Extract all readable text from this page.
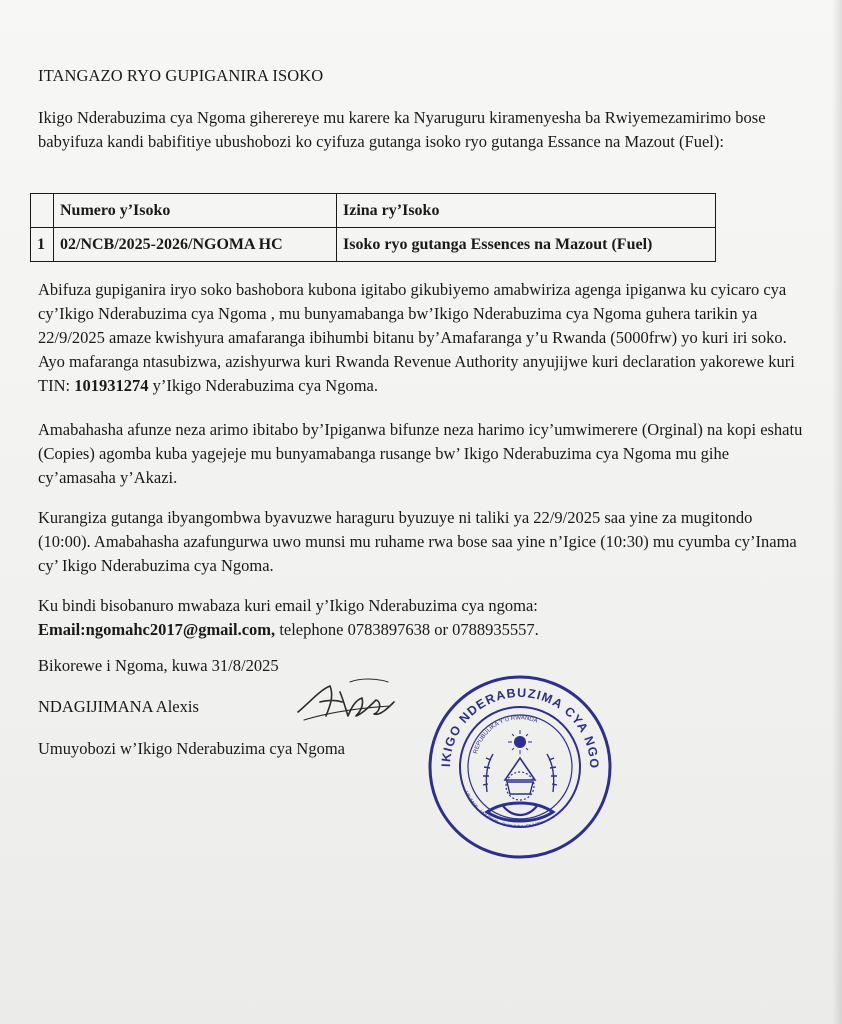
ITANGAZO RYO GUPIGANIRA ISOKO
Ikigo Nderabuzima cya Ngoma giherereye mu karere ka Nyaruguru kiramenyesha ba Rwiyemezamirimo bose babyifuza kandi babifitiye ubushobozi ko cyifuza gutanga isoko ryo gutanga Essance na Mazout (Fuel):
	Numero y’Isoko	Izina ry’Isoko
1	02/NCB/2025-2026/NGOMA HC	Isoko ryo gutanga Essences na Mazout (Fuel)
Abifuza gupiganira iryo soko bashobora kubona igitabo gikubiyemo amabwiriza agenga ipiganwa ku cyicaro cya cy’Ikigo Nderabuzima cya Ngoma , mu bunyamabanga bw’Ikigo Nderabuzima cya Ngoma guhera tarikin ya 22/9/2025 amaze kwishyura amafaranga ibihumbi bitanu by’Amafaranga y’u Rwanda (5000frw) yo kuri iri soko. Ayo mafaranga ntasubizwa, azishyurwa kuri Rwanda Revenue Authority anyujijwe kuri declaration yakorewe kuri TIN: 101931274 y’Ikigo Nderabuzima cya Ngoma.
Amabahasha afunze neza arimo ibitabo by’Ipiganwa bifunze neza harimo icy’umwimerere (Orginal) na kopi eshatu (Copies) agomba kuba yagejeje mu bunyamabanga rusange bw’ Ikigo Nderabuzima cya Ngoma mu gihe cy’amasaha y’Akazi.
Kurangiza gutanga ibyangombwa byavuzwe haraguru byuzuye ni taliki ya 22/9/2025 saa yine za mugitondo (10:00). Amabahasha azafungurwa uwo munsi mu ruhame rwa bose saa yine n’Igice (10:30) mu cyumba cy’Inama cy’ Ikigo Nderabuzima cya Ngoma.
Ku bindi bisobanuro mwabaza kuri email y’Ikigo Nderabuzima cya ngoma:
Email:ngomahc2017@gmail.com, telephone 0783897638 or 0788935557.
Bikorewe i Ngoma, kuwa 31/8/2025
NDAGIJIMANA Alexis
Umuyobozi w’Ikigo Nderabuzima cya Ngoma
IKIGO NDERABUZIMA CYA NGO
REPUBULIKA Y’U RWANDA
UBUMWE - UMURIMO - GUKUNDA IGIHUGU
